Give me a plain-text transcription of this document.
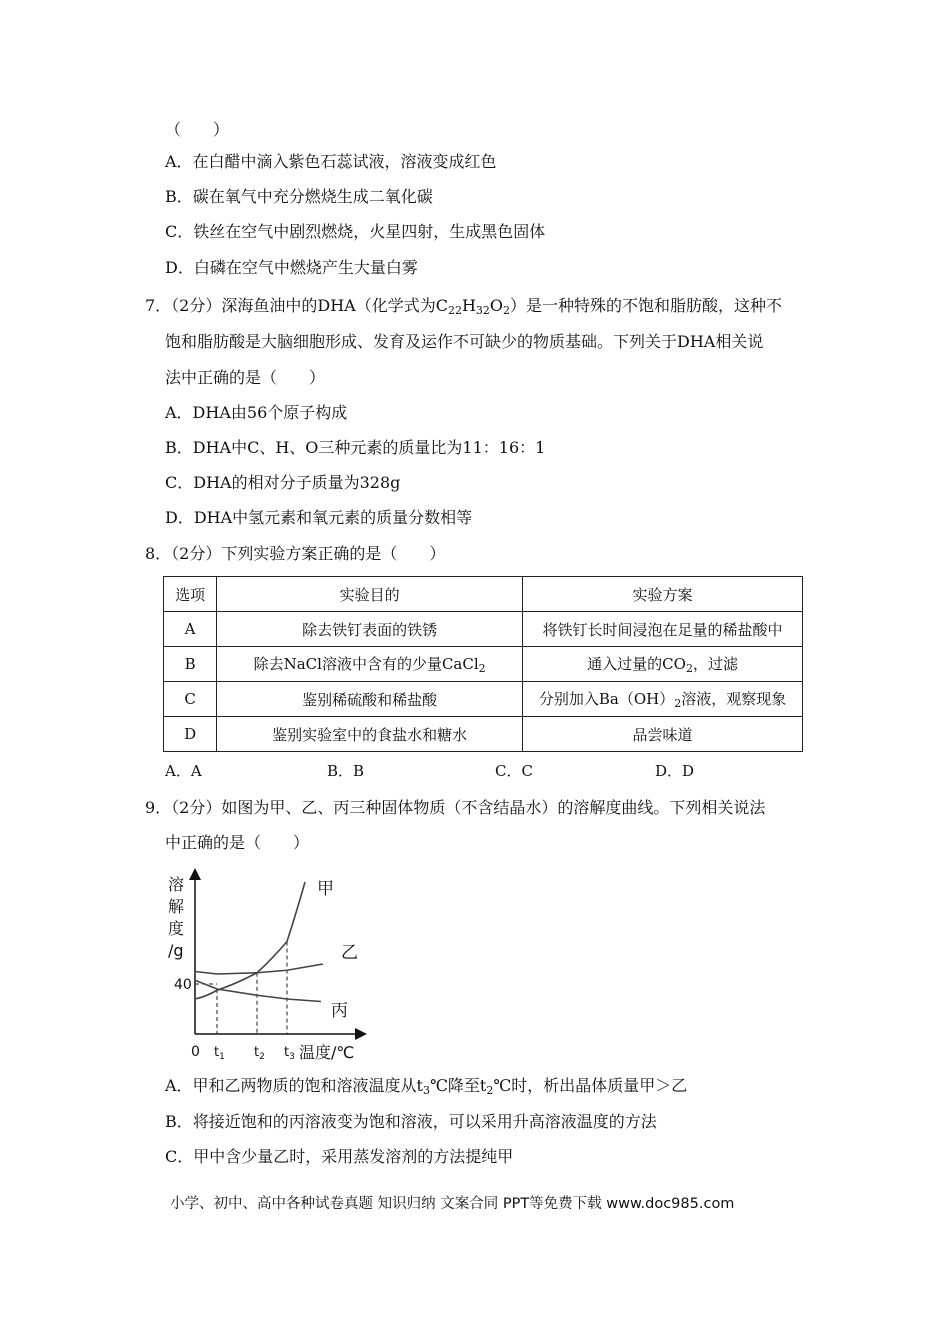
（　　）
A．在白醋中滴入紫色石蕊试液，溶液变成红色
B．碳在氧气中充分燃烧生成二氧化碳
C．铁丝在空气中剧烈燃烧，火星四射，生成黑色固体
D．白磷在空气中燃烧产生大量白雾
7．（2分）深海鱼油中的DHA（化学式为$C_{22}H_{32}O_2$）是一种特殊的不饱和脂肪酸，这种不
饱和脂肪酸是大脑细胞形成、发育及运作不可缺少的物质基础。下列关于DHA相关说
法中正确的是（　　）
A．DHA由56个原子构成
B．DHA中C、H、O三种元素的质量比为11：16：1
C．DHA的相对分子质量为328g
D．DHA中氢元素和氧元素的质量分数相等
8．（2分）下列实验方案正确的是（　　）
选项	实验目的	实验方案
A	除去铁钉表面的铁锈	将铁钉长时间浸泡在足量的稀盐酸中
B	除去NaCl溶液中含有的少量CaCl$_2$	通入过量的$CO_2$，过滤
C	鉴别稀硫酸和稀盐酸	分别加入$Ba(OH)_2$溶液，观察现象
D	鉴别实验室中的食盐水和糖水	品尝味道
A．A	B．B	C．C	D．D
9．（2分）如图为甲、乙、丙三种固体物质（不含结晶水）的溶解度曲线。下列相关说法
中正确的是（　　）
溶
解
度
/g
40
0 $t_1$ $t_2$ $t_3$ 温度/℃
甲
乙
丙
A．甲和乙两物质的饱和溶液温度从$t_3℃$降至$t_2℃$时，析出晶体质量甲＞乙
B．将接近饱和的丙溶液变为饱和溶液，可以采用升高溶液温度的方法
C．甲中含少量乙时，采用蒸发溶剂的方法提纯甲
小学、初中、高中各种试卷真题 知识归纳 文案合同 PPT等免费下载 www.doc985.com
